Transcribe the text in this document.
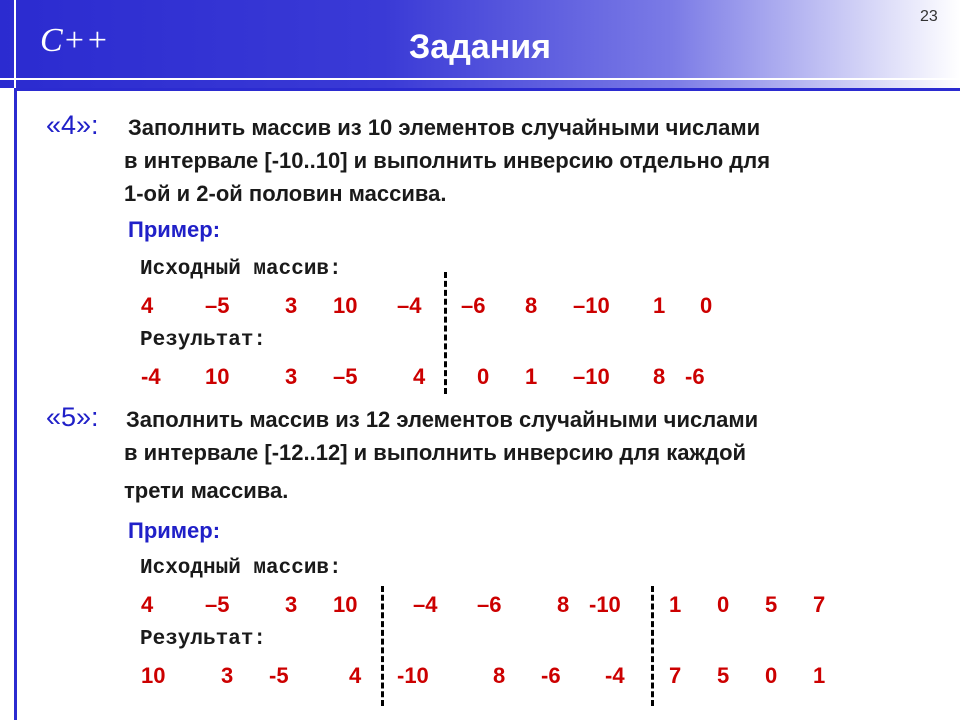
C++	Задания
23
«4»: Заполнить массив из 10 элементов случайными числами
в интервале [-10..10] и выполнить инверсию отдельно для
1-ой и 2-ой половин массива.
Пример:
Исходный массив:
Результат:
4 –5	3 10 –4 –6 8 –10 1 0
-4 10	3 –5	4 0 1 –10 8 -6
«5»: Заполнить массив из 12 элементов случайными числами
в интервале [-12..12] и выполнить инверсию для каждой
трети массива.
Пример:
Исходный массив:
Результат:
4 –5	3 10	–4 –6	8 -10 1 0 5 7
10	3 -5	4 -10	8 -6 -4 7 5 0 1
